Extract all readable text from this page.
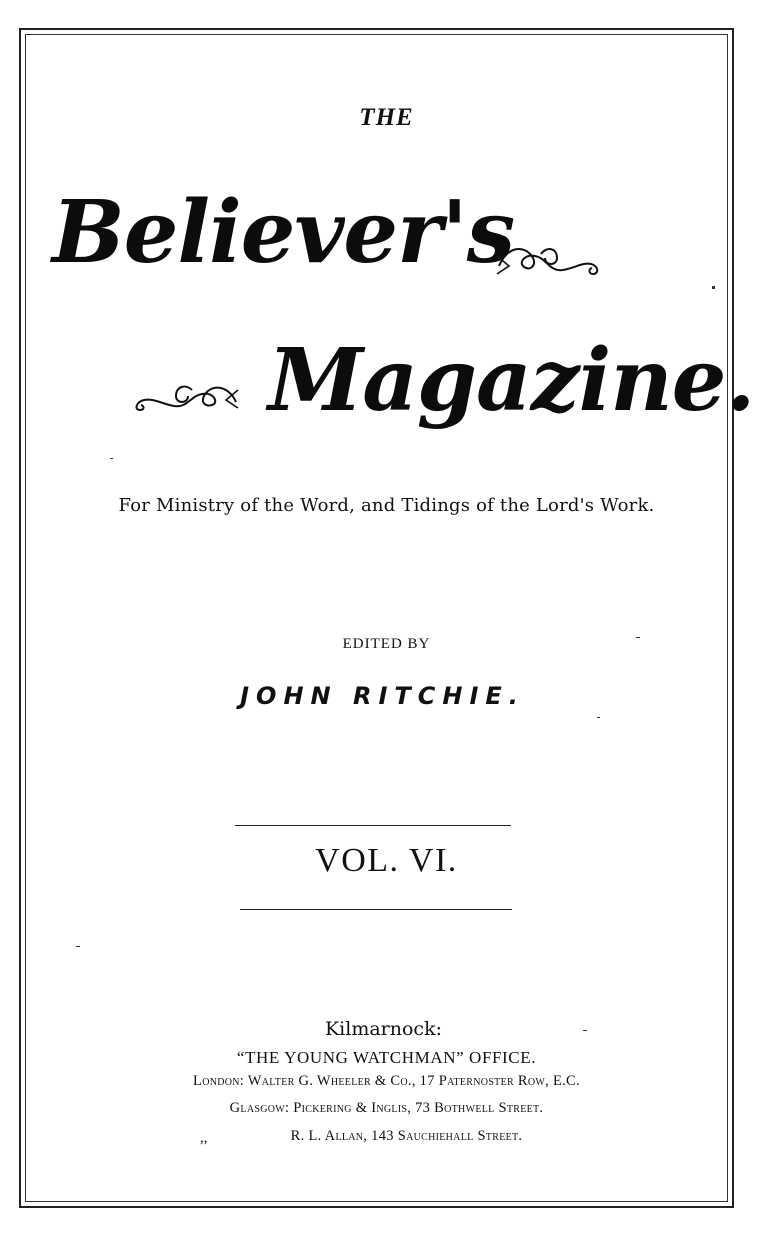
THE
Believer's
Magazine.
For Ministry of the Word, and Tidings of the Lord's Work.
EDITED BY
JOHN RITCHIE.
VOL. VI.
Kilmarnock:
“THE YOUNG WATCHMAN” OFFICE.
London: Walter G. Wheeler & Co., 17 Paternoster Row, E.C.
Glasgow: Pickering & Inglis, 73 Bothwell Street.
,,	R. L. Allan, 143 Sauchiehall Street.
